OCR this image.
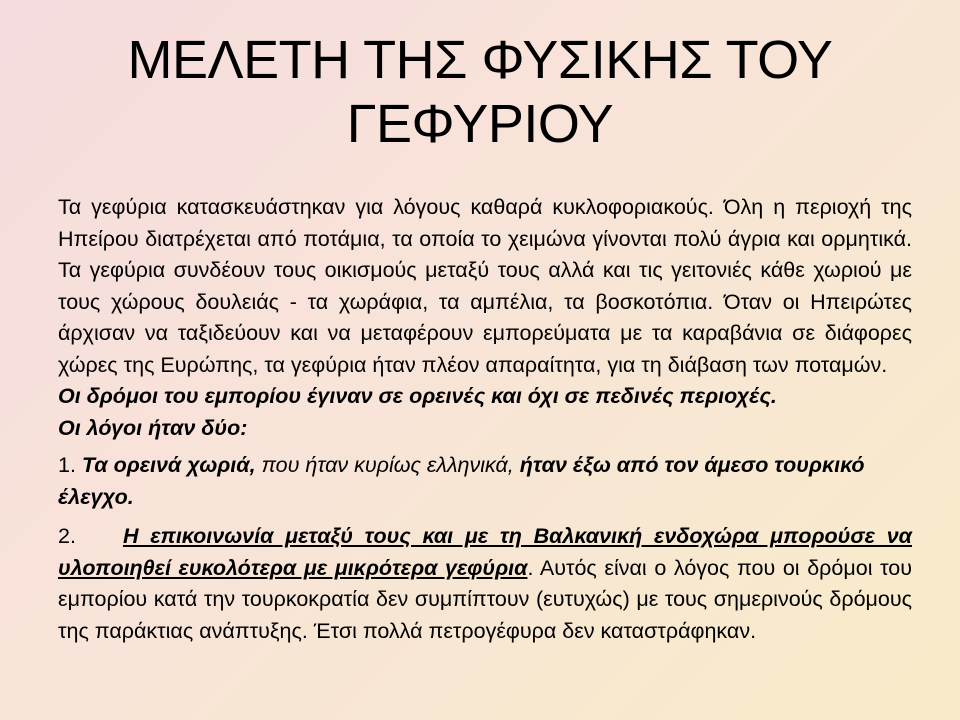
ΜΕΛΕΤΗ ΤΗΣ ΦΥΣΙΚΗΣ ΤΟΥ
ΓΕΦΥΡΙΟΥ

Τα γεφύρια κατασκευάστηκαν για λόγους καθαρά κυκλοφοριακούς. Όλη η περιοχή της Ηπείρου διατρέχεται από ποτάμια, τα οποία το χειμώνα γίνονται πολύ άγρια και ορμητικά. Τα γεφύρια συνδέουν τους οικισμούς μεταξύ τους αλλά και τις γειτονιές κάθε χωριού με τους χώρους δουλειάς - τα χωράφια, τα αμπέλια, τα βοσκοτόπια. Όταν οι Ηπειρώτες άρχισαν να ταξιδεύουν και να μεταφέρουν εμπορεύματα με τα καραβάνια σε διάφορες χώρες της Ευρώπης, τα γεφύρια ήταν πλέον απαραίτητα, για τη διάβαση των ποταμών.

Οι δρόμοι του εμπορίου έγιναν σε ορεινές και όχι σε πεδινές περιοχές.

Οι λόγοι ήταν δύο:

1. Τα ορεινά χωριά, που ήταν κυρίως ελληνικά, ήταν έξω από τον άμεσο τουρκικό έλεγχο.

2. Η επικοινωνία μεταξύ τους και με τη Βαλκανική ενδοχώρα μπορούσε να υλοποιηθεί ευκολότερα με μικρότερα γεφύρια. Αυτός είναι ο λόγος που οι δρόμοι του εμπορίου κατά την τουρκοκρατία δεν συμπίπτουν (ευτυχώς) με τους σημερινούς δρόμους της παράκτιας ανάπτυξης. Έτσι πολλά πετρογέφυρα δεν καταστράφηκαν.
